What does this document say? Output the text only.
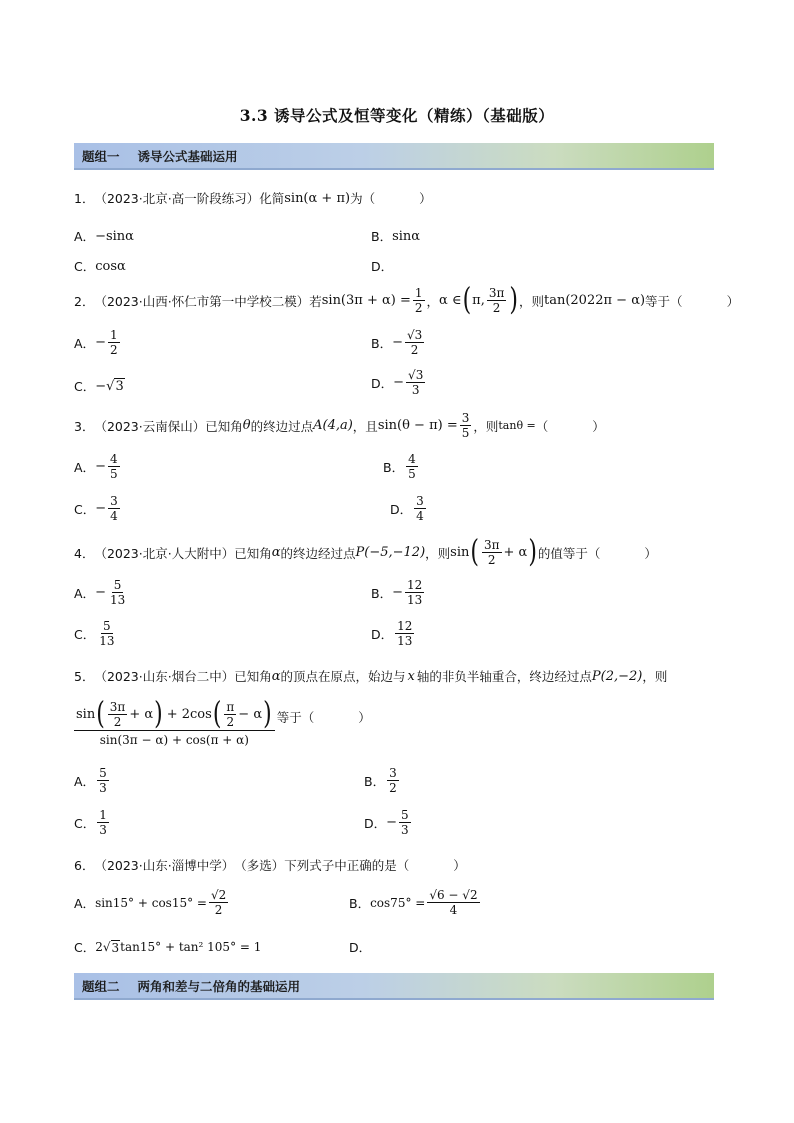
3.3 诱导公式及恒等变化（精练）（基础版）
题组一 诱导公式基础运用
1． （2023·北京·高一阶段练习） 化简 sin(α + π) 为（	）
A． −sinα	B． sinα
C． cosα	D．
2． （2023·山西·怀仁市第一中学校二模） 若 $\sin(3\pi + \alpha) = \frac{1}{2}$ ， α ∈ ( π, $\frac{3\pi}{2}$ ) ，则 tan(2022π − α) 等于（	）
A． − $\frac{1}{2}$	B． − $\frac{√3}{2}$
C． − √ 3	D． − $\frac{√3}{3}$
3． （2023·云南保山） 已知角 θ 的终边过点 A(4,a) ，且 $\sin(\theta - \pi) = \frac{3}{5}$ ，则 tanθ = （	）
A． − $\frac{4}{5}$	B． $\frac{4}{5}$
C． − $\frac{3}{4}$	D． $\frac{3}{4}$
4． （2023·北京·人大附中） 已知角 α 的终边经过点 P(−5,−12) ，则 sin ( $\frac{3\pi}{2} + \alpha$ ) 的值等于（	）
A． − $\frac{5}{13}$	B． − $\frac{12}{13}$
C． $\frac{5}{13}$	D． $\frac{12}{13}$
5． （2023·山东·烟台二中） 已知角 α 的顶点在原点，始边与 x 轴的非负半轴重合，终边经过点 P(2,−2) ，则
sin ( $\frac{3\pi}{2} + \alpha$ ) + 2cos ( $\frac{\pi}{2} - \alpha$ )
sin(3π − α) + cos(π + α)
等于（	）
A． $\frac{5}{3}$	B． $\frac{3}{2}$
C． $\frac{1}{3}$	D． − $\frac{5}{3}$
6． （2023·山东·淄博中学） （多选） 下列式子中正确的是（	）
A． $\sin 15^\circ + \cos 15^\circ = \frac{√2}{2}$	B． $\cos 75^\circ = \frac{√6 - √2}{4}$
C． 2 √ 3 tan15° + tan² 105° = 1	D．
题组二 两角和差与二倍角的基础运用
